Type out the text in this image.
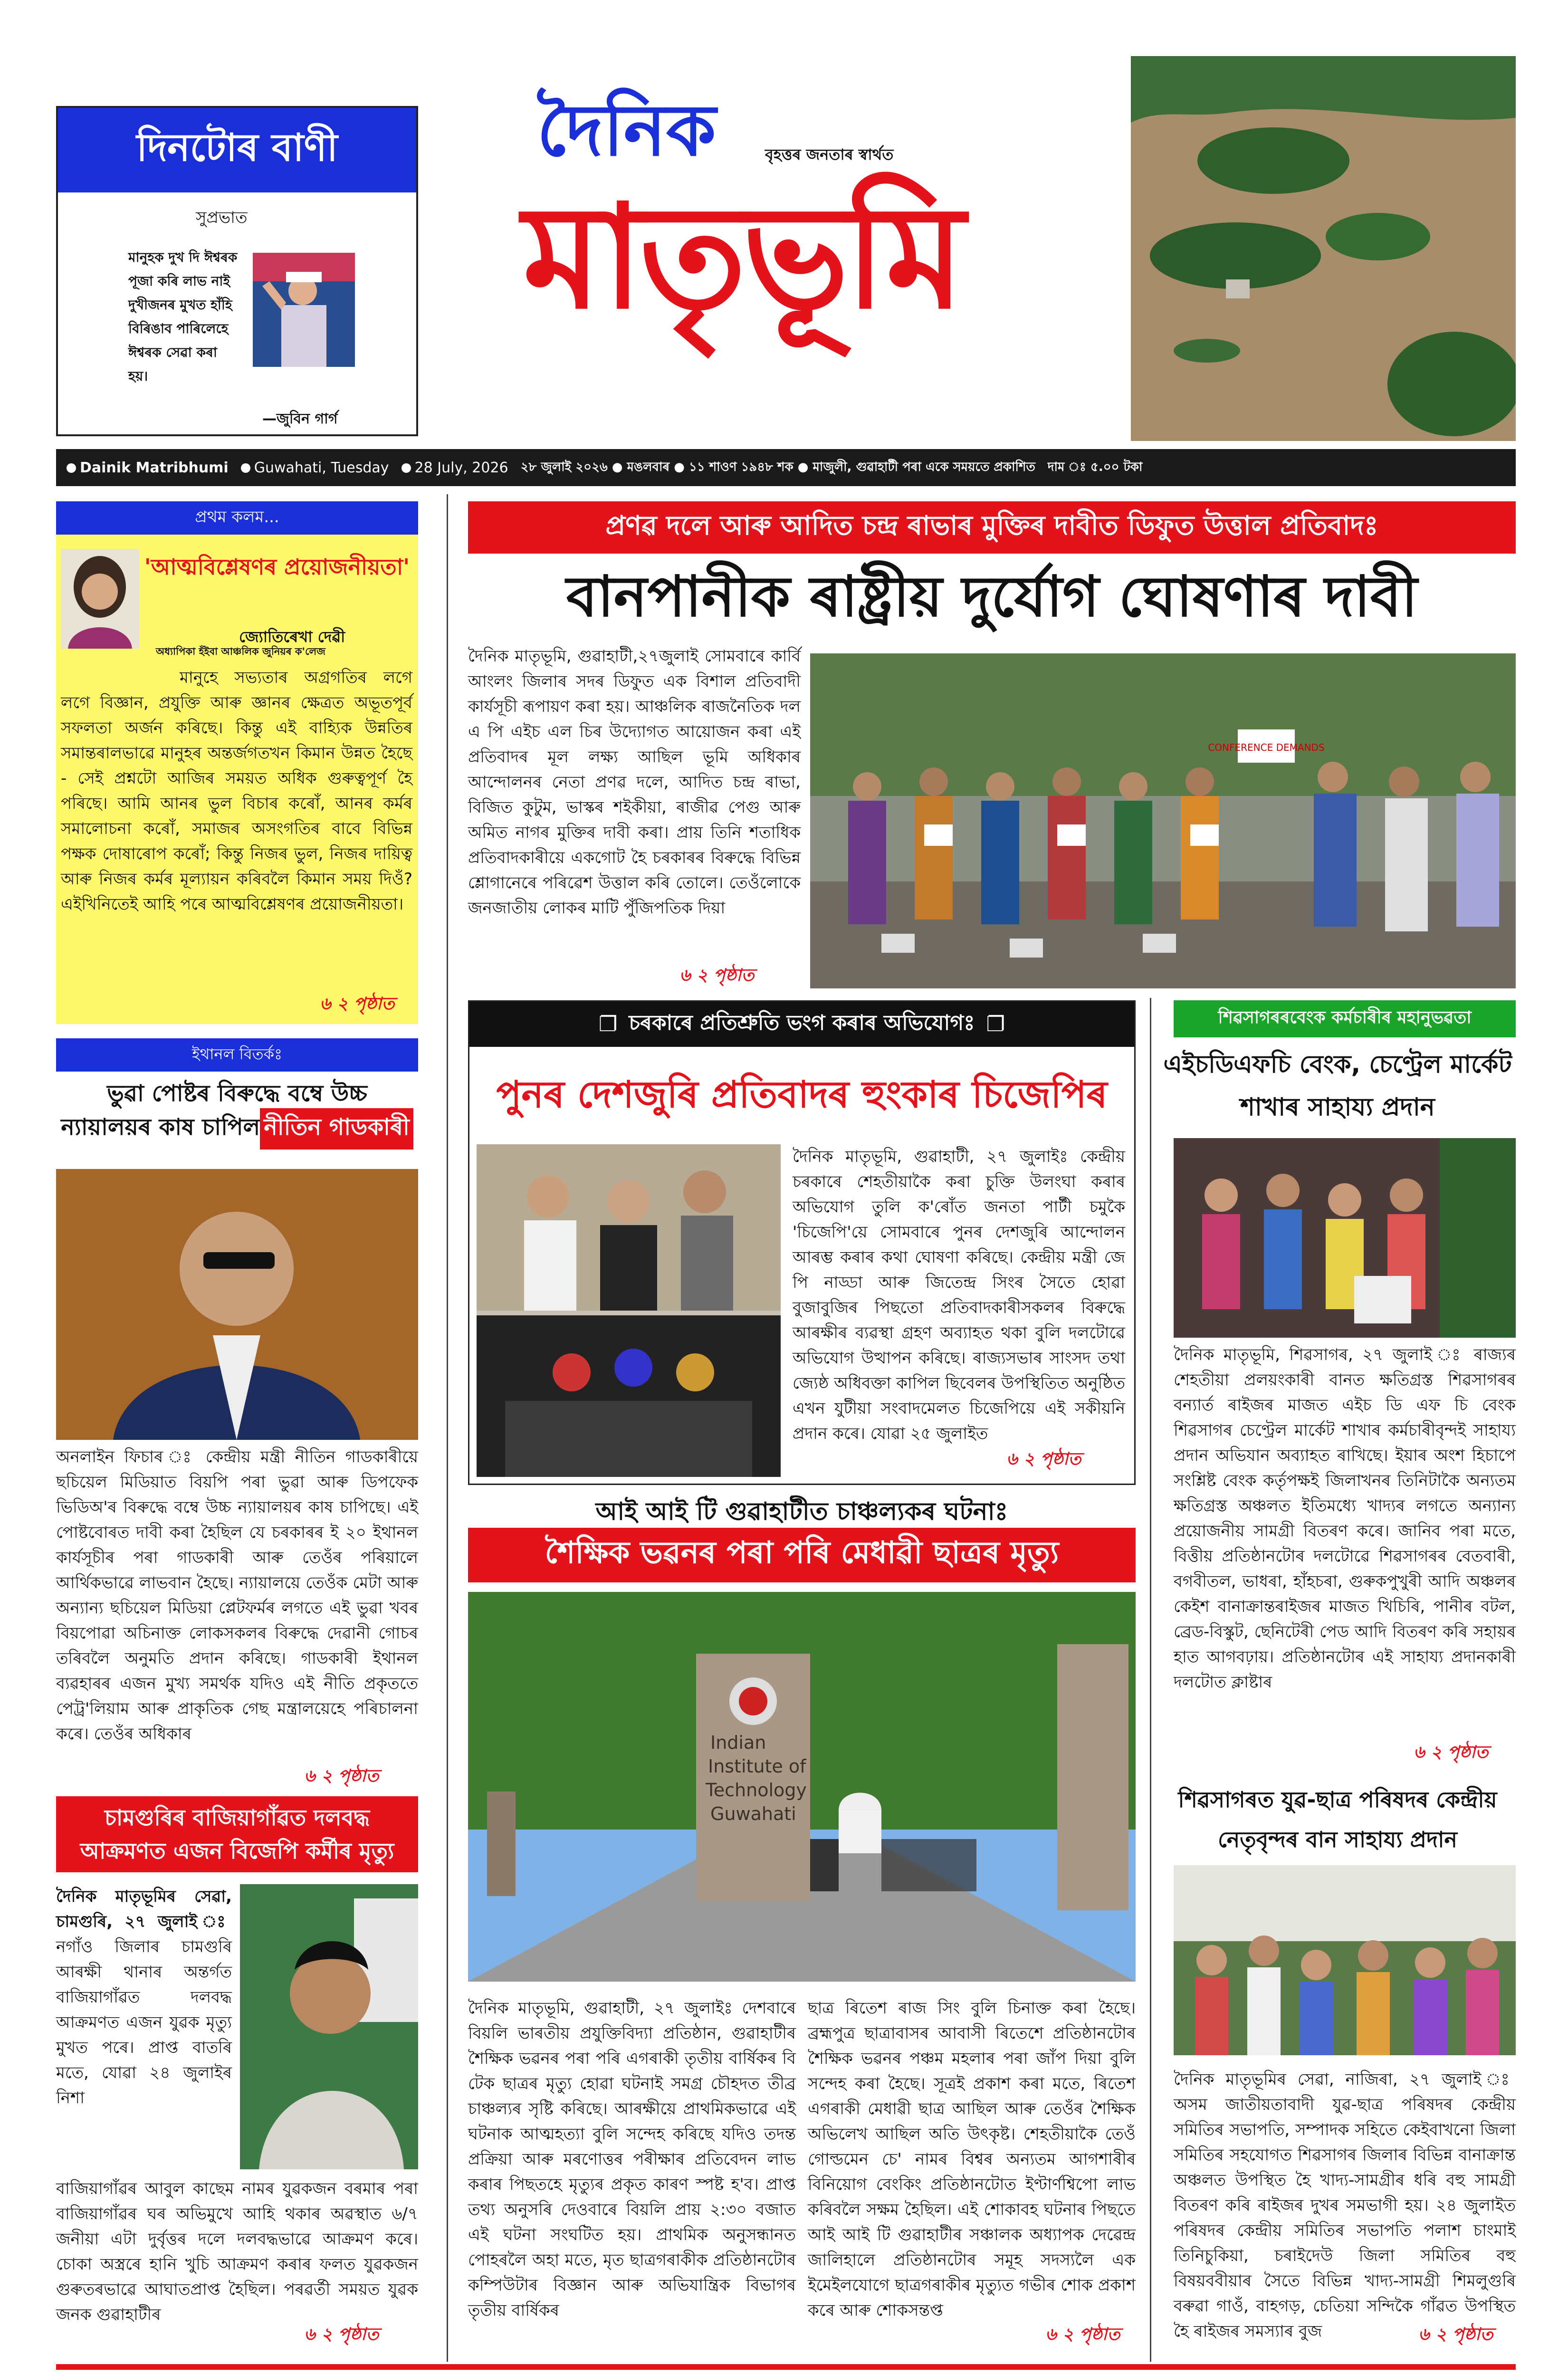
দিনটোৰ বাণী
সুপ্ৰভাত
মানুহক দুখ দি ঈশ্বৰক পূজা কৰি লাভ নাই দুখীজনৰ মুখত হাঁহি বিৰিঙাব পাৰিলেহে ঈশ্বৰক সেৱা কৰা হয়।
—জুবিন গাৰ্গ
দৈনিক	বৃহত্তৰ জনতাৰ স্বাৰ্থত
মাতৃভূমি
Dainik Matribhumi	Guwahati, Tuesday	28 July, 2026 ২৮ জুলাই ২০২৬ ● মঙলবাৰ ● ১১ শাওণ ১৯৪৮ শক ● মাজুলী, গুৱাহাটী পৰা একে সময়তে প্ৰকাশিত দাম ঃ ৫.০০ টকা
প্ৰথম কলম...
'আত্মবিশ্লেষণৰ প্ৰয়োজনীয়তা'
জ্যোতিৰেখা দেৱী
অধ্যাপিকা হঁইবা আঞ্চলিক জুনিয়ৰ ক'লেজ
মানুহে সভ্যতাৰ অগ্ৰগতিৰ লগে লগে বিজ্ঞান, প্ৰযুক্তি আৰু জ্ঞানৰ ক্ষেত্ৰত অভূতপূৰ্ব সফলতা অৰ্জন কৰিছে। কিন্তু এই বাহ্যিক উন্নতিৰ সমান্তৰালভাৱে মানুহৰ অন্তৰ্জগতখন কিমান উন্নত হৈছে - সেই প্ৰশ্নটো আজিৰ সময়ত অধিক গুৰুত্বপূৰ্ণ হৈ পৰিছে। আমি আনৰ ভুল বিচাৰ কৰোঁ, আনৰ কৰ্মৰ সমালোচনা কৰোঁ, সমাজৰ অসংগতিৰ বাবে বিভিন্ন পক্ষক দোষাৰোপ কৰোঁ; কিন্তু নিজৰ ভুল, নিজৰ দায়িত্ব আৰু নিজৰ কৰ্মৰ মূল্যায়ন কৰিবলৈ কিমান সময় দিওঁ? এইখিনিতেই আহি পৰে আত্মবিশ্লেষণৰ প্ৰয়োজনীয়তা।
৬ ২ পৃষ্ঠাত
ইথানল বিতৰ্কঃ
ভুৱা পোষ্টৰ বিৰুদ্ধে বম্বে উচ্চ
ন্যায়ালয়ৰ কাষ চাপিল নীতিন গাডকাৰী
অনলাইন ফিচাৰ ঃ কেন্দ্ৰীয় মন্ত্ৰী নীতিন গাডকাৰীয়ে ছচিয়েল মিডিয়াত বিয়পি পৰা ভুৱা আৰু ডিপফেক ভিডিঅ'ৰ বিৰুদ্ধে বম্বে উচ্চ ন্যায়ালয়ৰ কাষ চাপিছে। এই পোষ্টবোৰত দাবী কৰা হৈছিল যে চৰকাৰৰ ই ২০ ইথানল কাৰ্যসূচীৰ পৰা গাডকাৰী আৰু তেওঁৰ পৰিয়ালে আৰ্থিকভাৱে লাভবান হৈছে। ন্যায়ালয়ে তেওঁক মেটা আৰু অন্যান্য ছচিয়েল মিডিয়া প্লেটফৰ্মৰ লগতে এই ভুৱা খবৰ বিয়পোৱা অচিনাক্ত লোকসকলৰ বিৰুদ্ধে দেৱানী গোচৰ তৰিবলৈ অনুমতি প্ৰদান কৰিছে। গাডকাৰী ইথানল ব্যৱহাৰৰ এজন মুখ্য সমৰ্থক যদিও এই নীতি প্ৰকৃততে পেট্ৰ'লিয়াম আৰু প্ৰাকৃতিক গেছ মন্ত্ৰালয়েহে পৰিচালনা কৰে। তেওঁৰ অধিকাৰ
৬ ২ পৃষ্ঠাত
চামগুৰিৰ বাজিয়াগাঁৱত দলবদ্ধ আক্ৰমণত এজন বিজেপি কৰ্মীৰ মৃত্যু
দৈনিক মাতৃভূমিৰ সেৱা, চামগুৰি, ২৭ জুলাই ঃ নগাঁও জিলাৰ চামগুৰি আৰক্ষী থানাৰ অন্তৰ্গত বাজিয়াগাঁৱত দলবদ্ধ আক্ৰমণত এজন যুৱক মৃত্যু মুখত পৰে। প্ৰাপ্ত বাতৰি মতে, যোৱা ২৪ জুলাইৰ নিশা
বাজিয়াগাঁৱৰ আবুল কাছেম নামৰ যুৱকজন বৰমাৰ পৰা বাজিয়াগাঁৱৰ ঘৰ অভিমুখে আহি থকাৰ অৱস্থাত ৬/৭ জনীয়া এটা দুৰ্বৃত্তৰ দলে দলবদ্ধভাৱে আক্ৰমণ কৰে। চোকা অস্ত্ৰৰে হানি খুচি আক্ৰমণ কৰাৰ ফলত যুৱকজন গুৰুতৰভাৱে আঘাতপ্ৰাপ্ত হৈছিল। পৰৱৰ্তী সময়ত যুৱক জনক গুৱাহাটীৰ
৬ ২ পৃষ্ঠাত
প্ৰণৱ দলে আৰু আদিত চন্দ্ৰ ৰাভাৰ মুক্তিৰ দাবীত ডিফুত উত্তাল প্ৰতিবাদঃ
বানপানীক ৰাষ্ট্ৰীয় দুৰ্যোগ ঘোষণাৰ দাবী
দৈনিক মাতৃভূমি, গুৱাহাটী,২৭জুলাই সোমবাৰে কাৰ্বি আংলং জিলাৰ সদৰ ডিফুত এক বিশাল প্ৰতিবাদী কাৰ্যসূচী ৰূপায়ণ কৰা হয়। আঞ্চলিক ৰাজনৈতিক দল এ পি এইচ এল চিৰ উদ্যোগত আয়োজন কৰা এই প্ৰতিবাদৰ মূল লক্ষ্য আছিল ভূমি অধিকাৰ আন্দোলনৰ নেতা প্ৰণৱ দলে, আদিত চন্দ্ৰ ৰাভা, বিজিত কুটুম, ভাস্কৰ শইকীয়া, ৰাজীৱ পেগু আৰু অমিত নাগৰ মুক্তিৰ দাবী কৰা। প্ৰায় তিনি শতাধিক প্ৰতিবাদকাৰীয়ে একগোট হৈ চৰকাৰৰ বিৰুদ্ধে বিভিন্ন শ্লোগানেৰে পৰিৱেশ উত্তাল কৰি তোলে। তেওঁলোকে জনজাতীয় লোকৰ মাটি পুঁজিপতিক দিয়া
৬ ২ পৃষ্ঠাত
CONFERENCE DEMANDS
❐ চৰকাৰে প্ৰতিশ্ৰুতি ভংগ কৰাৰ অভিযোগঃ ❐
পুনৰ দেশজুৰি প্ৰতিবাদৰ হুংকাৰ চিজেপিৰ
দৈনিক মাতৃভূমি, গুৱাহাটী, ২৭ জুলাইঃ কেন্দ্ৰীয় চৰকাৰে শেহতীয়াকৈ কৰা চুক্তি উলংঘা কৰাৰ অভিযোগ তুলি ক'ৰোঁত জনতা পাৰ্টী চমুকৈ 'চিজেপি'য়ে সোমবাৰে পুনৰ দেশজুৰি আন্দোলন আৰম্ভ কৰাৰ কথা ঘোষণা কৰিছে। কেন্দ্ৰীয় মন্ত্ৰী জে পি নাড্ডা আৰু জিতেন্দ্ৰ সিংৰ সৈতে হোৱা বুজাবুজিৰ পিছতো প্ৰতিবাদকাৰীসকলৰ বিৰুদ্ধে আৰক্ষীৰ ব্যৱস্থা গ্ৰহণ অব্যাহত থকা বুলি দলটোৱে অভিযোগ উত্থাপন কৰিছে। ৰাজ্যসভাৰ সাংসদ তথা জ্যেষ্ঠ অধিবক্তা কাপিল ছিবেলৰ উপস্থিতিত অনুষ্ঠিত এখন যুটীয়া সংবাদমেলত চিজেপিয়ে এই সকীয়নি প্ৰদান কৰে। যোৱা ২৫ জুলাইত
৬ ২ পৃষ্ঠাত
আই আই টি গুৱাহাটীত চাঞ্চল্যকৰ ঘটনাঃ
শৈক্ষিক ভৱনৰ পৰা পৰি মেধাৱী ছাত্ৰৰ মৃত্যু
Indian
Institute of
Technology
Guwahati
দৈনিক মাতৃভূমি, গুৱাহাটী, ২৭ জুলাইঃ দেশবাৰে বিয়লি ভাৰতীয় প্ৰযুক্তিবিদ্যা প্ৰতিষ্ঠান, গুৱাহাটীৰ শৈক্ষিক ভৱনৰ পৰা পৰি এগৰাকী তৃতীয় বাৰ্ষিকৰ বি টেক ছাত্ৰৰ মৃত্যু হোৱা ঘটনাই সমগ্ৰ চৌহদত তীব্ৰ চাঞ্চল্যৰ সৃষ্টি কৰিছে। আৰক্ষীয়ে প্ৰাথমিকভাৱে এই ঘটনাক আত্মহত্যা বুলি সন্দেহ কৰিছে যদিও তদন্ত প্ৰক্ৰিয়া আৰু মৰণোত্তৰ পৰীক্ষাৰ প্ৰতিবেদন লাভ কৰাৰ পিছতহে মৃত্যুৰ প্ৰকৃত কাৰণ স্পষ্ট হ'ব। প্ৰাপ্ত তথ্য অনুসৰি দেওবাৰে বিয়লি প্ৰায় ২:৩০ বজাত এই ঘটনা সংঘটিত হয়। প্ৰাথমিক অনুসন্ধানত পোহৰলৈ অহা মতে, মৃত ছাত্ৰগৰাকীক প্ৰতিষ্ঠানটোৰ কম্পিউটাৰ বিজ্ঞান আৰু অভিযান্ত্ৰিক বিভাগৰ তৃতীয় বাৰ্ষিকৰ
ছাত্ৰ ৰিতেশ ৰাজ সিং বুলি চিনাক্ত কৰা হৈছে। ব্ৰহ্মপুত্ৰ ছাত্ৰাবাসৰ আবাসী ৰিতেশে প্ৰতিষ্ঠানটোৰ শৈক্ষিক ভৱনৰ পঞ্চম মহলাৰ পৰা জাঁপ দিয়া বুলি সন্দেহ কৰা হৈছে। সূত্ৰই প্ৰকাশ কৰা মতে, ৰিতেশ এগৰাকী মেধাৱী ছাত্ৰ আছিল আৰু তেওঁৰ শৈক্ষিক অভিলেখ আছিল অতি উৎকৃষ্ট। শেহতীয়াকৈ তেওঁ গোল্ডমেন চে' নামৰ বিশ্বৰ অন্যতম আগশাৰীৰ বিনিয়োগ বেংকিং প্ৰতিষ্ঠানটোত ইণ্টাৰ্ণশ্বিপো লাভ কৰিবলৈ সক্ষম হৈছিল। এই শোকাবহ ঘটনাৰ পিছতে আই আই টি গুৱাহাটীৰ সঞ্চালক অধ্যাপক দেৱেন্দ্ৰ জালিহালে প্ৰতিষ্ঠানটোৰ সমূহ সদস্যলৈ এক ইমেইলযোগে ছাত্ৰগৰাকীৰ মৃত্যুত গভীৰ শোক প্ৰকাশ কৰে আৰু শোকসন্তপ্ত
৬ ২ পৃষ্ঠাত
শিৱসাগৰৰবেংক কৰ্মচাৰীৰ মহানুভৱতা
এইচডিএফচি বেংক, চেণ্ট্ৰেল মাৰ্কেট শাখাৰ সাহায্য প্ৰদান
দৈনিক মাতৃভূমি, শিৱসাগৰ, ২৭ জুলাই ঃ ৰাজ্যৰ শেহতীয়া প্ৰলয়ংকাৰী বানত ক্ষতিগ্ৰস্ত শিৱসাগৰৰ বন্যাৰ্ত ৰাইজৰ মাজত এইচ ডি এফ চি বেংক শিৱসাগৰ চেণ্ট্ৰেল মাৰ্কেট শাখাৰ কৰ্মচাৰীবৃন্দই সাহায্য প্ৰদান অভিযান অব্যাহত ৰাখিছে। ইয়াৰ অংশ হিচাপে সংশ্লিষ্ট বেংক কৰ্তৃপক্ষই জিলাখনৰ তিনিটাকৈ অন্যতম ক্ষতিগ্ৰস্ত অঞ্চলত ইতিমধ্যে খাদ্যৰ লগতে অন্যান্য প্ৰয়োজনীয় সামগ্ৰী বিতৰণ কৰে। জানিব পৰা মতে, বিত্তীয় প্ৰতিষ্ঠানটোৰ দলটোৱে শিৱসাগৰৰ বেতবাৰী, বগবীতল, ভাধৰা, হাঁহচৰা, গুৰুকপুখুৰী আদি অঞ্চলৰ কেইশ বানাক্ৰান্তৰাইজৰ মাজত খিচিৰি, পানীৰ বটল, ব্ৰেড-বিস্কুট, ছেনিটেৰী পেড আদি বিতৰণ কৰি সহায়ৰ হাত আগবঢ়ায়। প্ৰতিষ্ঠানটোৰ এই সাহায্য প্ৰদানকাৰী দলটোত ক্লাষ্টাৰ
৬ ২ পৃষ্ঠাত
শিৱসাগৰত যুৱ-ছাত্ৰ পৰিষদৰ কেন্দ্ৰীয় নেতৃবৃন্দৰ বান সাহায্য প্ৰদান
দৈনিক মাতৃভূমিৰ সেৱা, নাজিৰা, ২৭ জুলাই ঃ অসম জাতীয়তাবাদী যুৱ-ছাত্ৰ পৰিষদৰ কেন্দ্ৰীয় সমিতিৰ সভাপতি, সম্পাদক সহিতে কেইবাখনো জিলা সমিতিৰ সহযোগত শিৱসাগৰ জিলাৰ বিভিন্ন বানাক্ৰান্ত অঞ্চলত উপস্থিত হৈ খাদ্য-সামগ্ৰীৰ ধৰি বহু সামগ্ৰী বিতৰণ কৰি ৰাইজৰ দুখৰ সমভাগী হয়। ২৪ জুলাইত পৰিষদৰ কেন্দ্ৰীয় সমিতিৰ সভাপতি পলাশ চাংমাই তিনিচুকিয়া, চৰাইদেউ জিলা সমিতিৰ বহু বিষয়ববীয়াৰ সৈতে বিভিন্ন খাদ্য-সামগ্ৰী শিমলুগুৰি বৰুৱা গাওঁ, বাহগড়, চেতিয়া সন্দিকৈ গাঁৱত উপস্থিত হৈ ৰাইজৰ সমস্যাৰ বুজ	৬ ২ পৃষ্ঠাত
